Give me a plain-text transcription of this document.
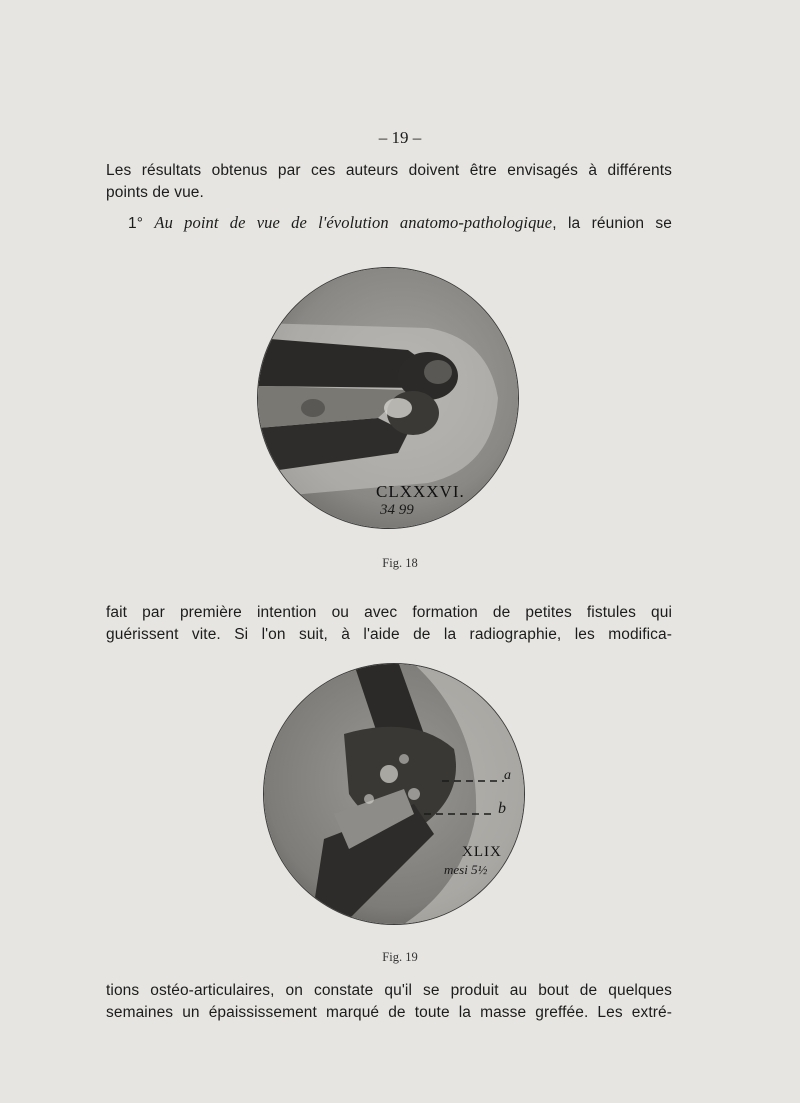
– 19 –
Les résultats obtenus par ces auteurs doivent être envisagés à différents
points de vue.
1° Au point de vue de l'évolution anatomo-pathologique, la réunion se
CLXXXVI.
34 99
Fig. 18
fait par première intention ou avec formation de petites fistules qui
guérissent vite. Si l'on suit, à l'aide de la radiographie, les modifica-
a
b
XLIX
mesi 5½
Fig. 19
tions ostéo-articulaires, on constate qu'il se produit au bout de quelques
semaines un épaississement marqué de toute la masse greffée. Les extré-
